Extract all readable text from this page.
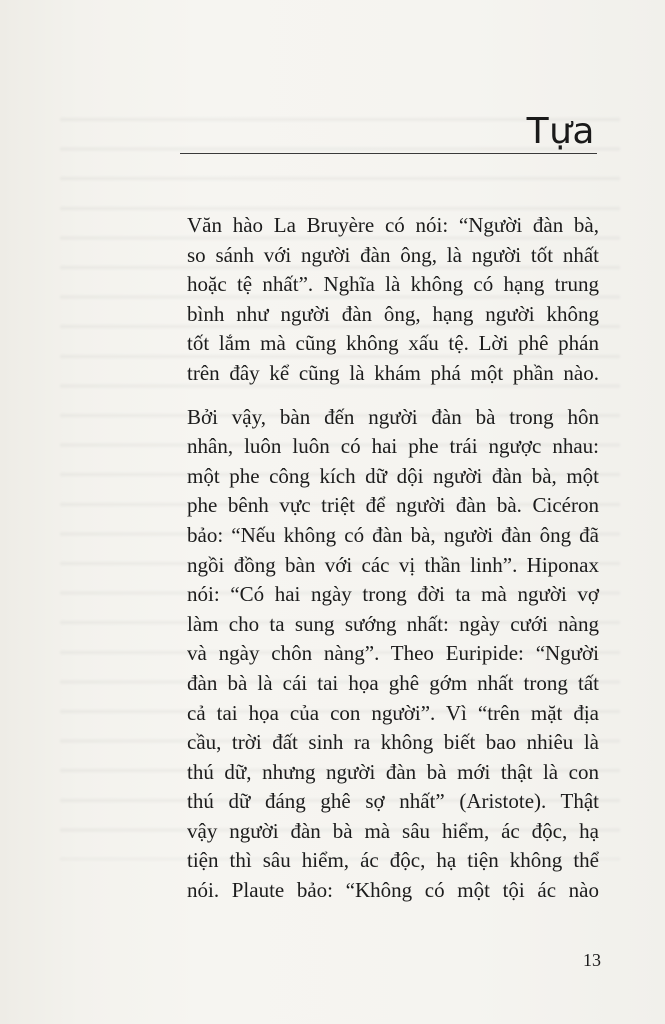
Tựa

Văn hào La Bruyère có nói: “Người đàn bà,
so sánh với người đàn ông, là người tốt nhất
hoặc tệ nhất”. Nghĩa là không có hạng trung
bình như người đàn ông, hạng người không
tốt lắm mà cũng không xấu tệ. Lời phê phán
trên đây kể cũng là khám phá một phần nào.

Bởi vậy, bàn đến người đàn bà trong hôn
nhân, luôn luôn có hai phe trái ngược nhau:
một phe công kích dữ dội người đàn bà, một
phe bênh vực triệt để người đàn bà. Cicéron
bảo: “Nếu không có đàn bà, người đàn ông đã
ngồi đồng bàn với các vị thần linh”. Hiponax
nói: “Có hai ngày trong đời ta mà người vợ
làm cho ta sung sướng nhất: ngày cưới nàng
và ngày chôn nàng”. Theo Euripide: “Người
đàn bà là cái tai họa ghê gớm nhất trong tất
cả tai họa của con người”. Vì “trên mặt địa
cầu, trời đất sinh ra không biết bao nhiêu là
thú dữ, nhưng người đàn bà mới thật là con
thú dữ đáng ghê sợ nhất” (Aristote). Thật
vậy người đàn bà mà sâu hiểm, ác độc, hạ
tiện thì sâu hiểm, ác độc, hạ tiện không thể
nói. Plaute bảo: “Không có một tội ác nào

13
